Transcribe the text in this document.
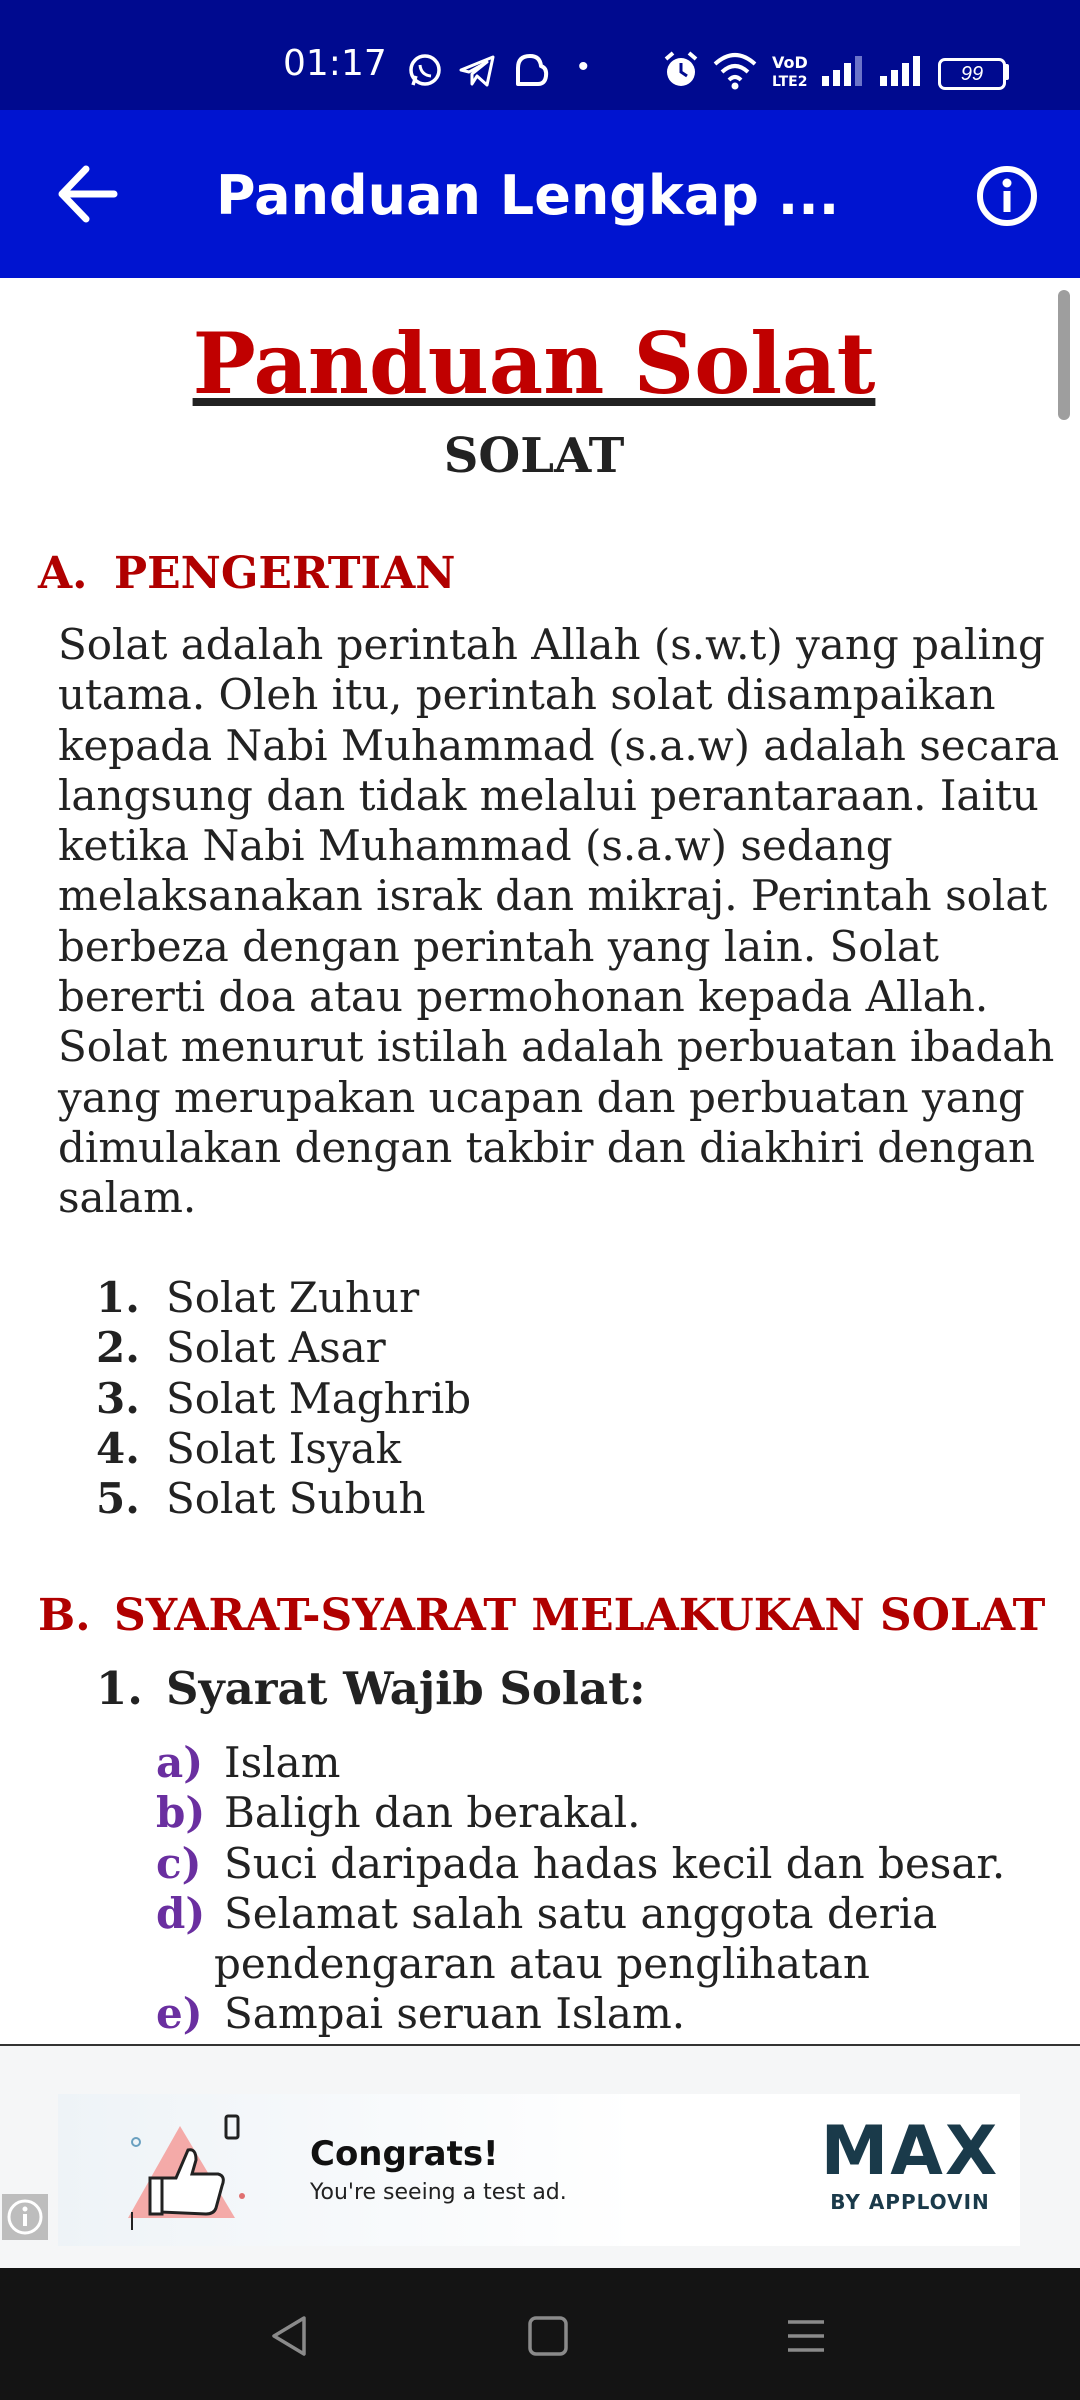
01:17	•	VoD
LTE2	99
Panduan Lengkap ...
Panduan Solat
SOLAT
A. PENGERTIAN
Solat adalah perintah Allah (s.w.t) yang paling utama. Oleh itu, perintah solat disampaikan kepada Nabi Muhammad (s.a.w) adalah secara langsung dan tidak melalui perantaraan. Iaitu ketika Nabi Muhammad (s.a.w) sedang melaksanakan israk dan mikraj. Perintah solat berbeza dengan perintah yang lain. Solat bererti doa atau permohonan kepada Allah. Solat menurut istilah adalah perbuatan ibadah yang merupakan ucapan dan perbuatan yang dimulakan dengan takbir dan diakhiri dengan salam.
1. Solat Zuhur
2. Solat Asar
3. Solat Maghrib
4. Solat Isyak
5. Solat Subuh
B. SYARAT-SYARAT MELAKUKAN SOLAT
1. Syarat Wajib Solat:
a) Islam
b) Baligh dan berakal.
c) Suci daripada hadas kecil dan besar.
d) Selamat salah satu anggota deria pendengaran atau penglihatan
e) Sampai seruan Islam.
Congrats!
You're seeing a test ad.
MAX
BY APPLOVIN
